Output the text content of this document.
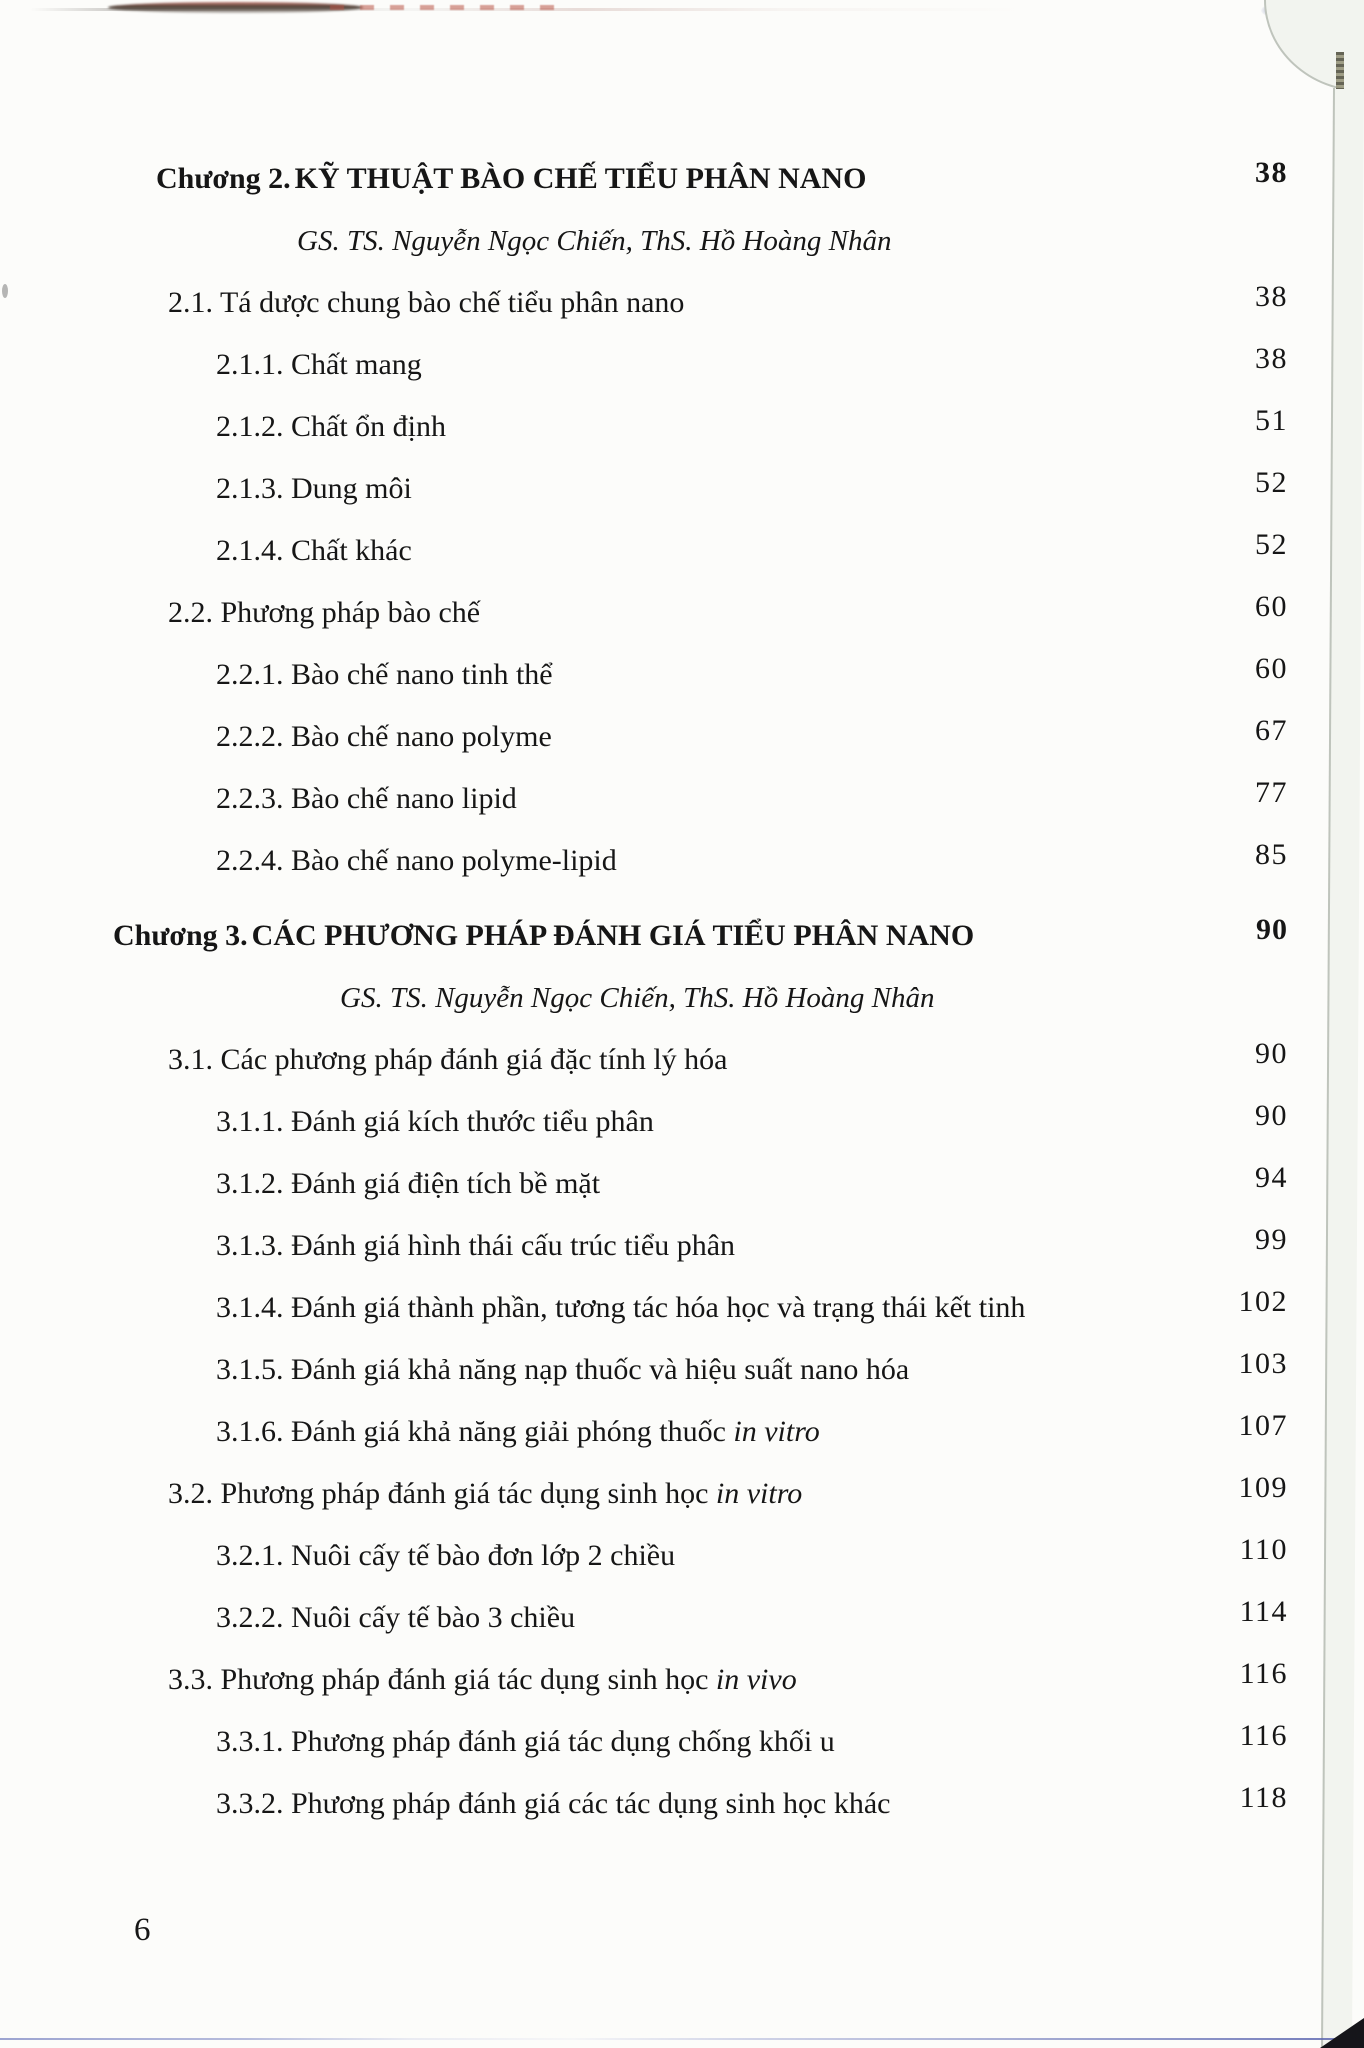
Chương 2. KỸ THUẬT BÀO CHẾ TIỂU PHÂN NANO	38
GS. TS. Nguyễn Ngọc Chiến, ThS. Hồ Hoàng Nhân
2.1. Tá dược chung bào chế tiểu phân nano	38
2.1.1. Chất mang	38
2.1.2. Chất ổn định	51
2.1.3. Dung môi	52
2.1.4. Chất khác	52
2.2. Phương pháp bào chế	60
2.2.1. Bào chế nano tinh thể	60
2.2.2. Bào chế nano polyme	67
2.2.3. Bào chế nano lipid	77
2.2.4. Bào chế nano polyme-lipid	85
Chương 3. CÁC PHƯƠNG PHÁP ĐÁNH GIÁ TIỂU PHÂN NANO	90
GS. TS. Nguyễn Ngọc Chiến, ThS. Hồ Hoàng Nhân
3.1. Các phương pháp đánh giá đặc tính lý hóa	90
3.1.1. Đánh giá kích thước tiểu phân	90
3.1.2. Đánh giá điện tích bề mặt	94
3.1.3. Đánh giá hình thái cấu trúc tiểu phân	99
3.1.4. Đánh giá thành phần, tương tác hóa học và trạng thái kết tinh	102
3.1.5. Đánh giá khả năng nạp thuốc và hiệu suất nano hóa	103
3.1.6. Đánh giá khả năng giải phóng thuốc in vitro	107
3.2. Phương pháp đánh giá tác dụng sinh học in vitro	109
3.2.1. Nuôi cấy tế bào đơn lớp 2 chiều	110
3.2.2. Nuôi cấy tế bào 3 chiều	114
3.3. Phương pháp đánh giá tác dụng sinh học in vivo	116
3.3.1. Phương pháp đánh giá tác dụng chống khối u	116
3.3.2. Phương pháp đánh giá các tác dụng sinh học khác	118
6
